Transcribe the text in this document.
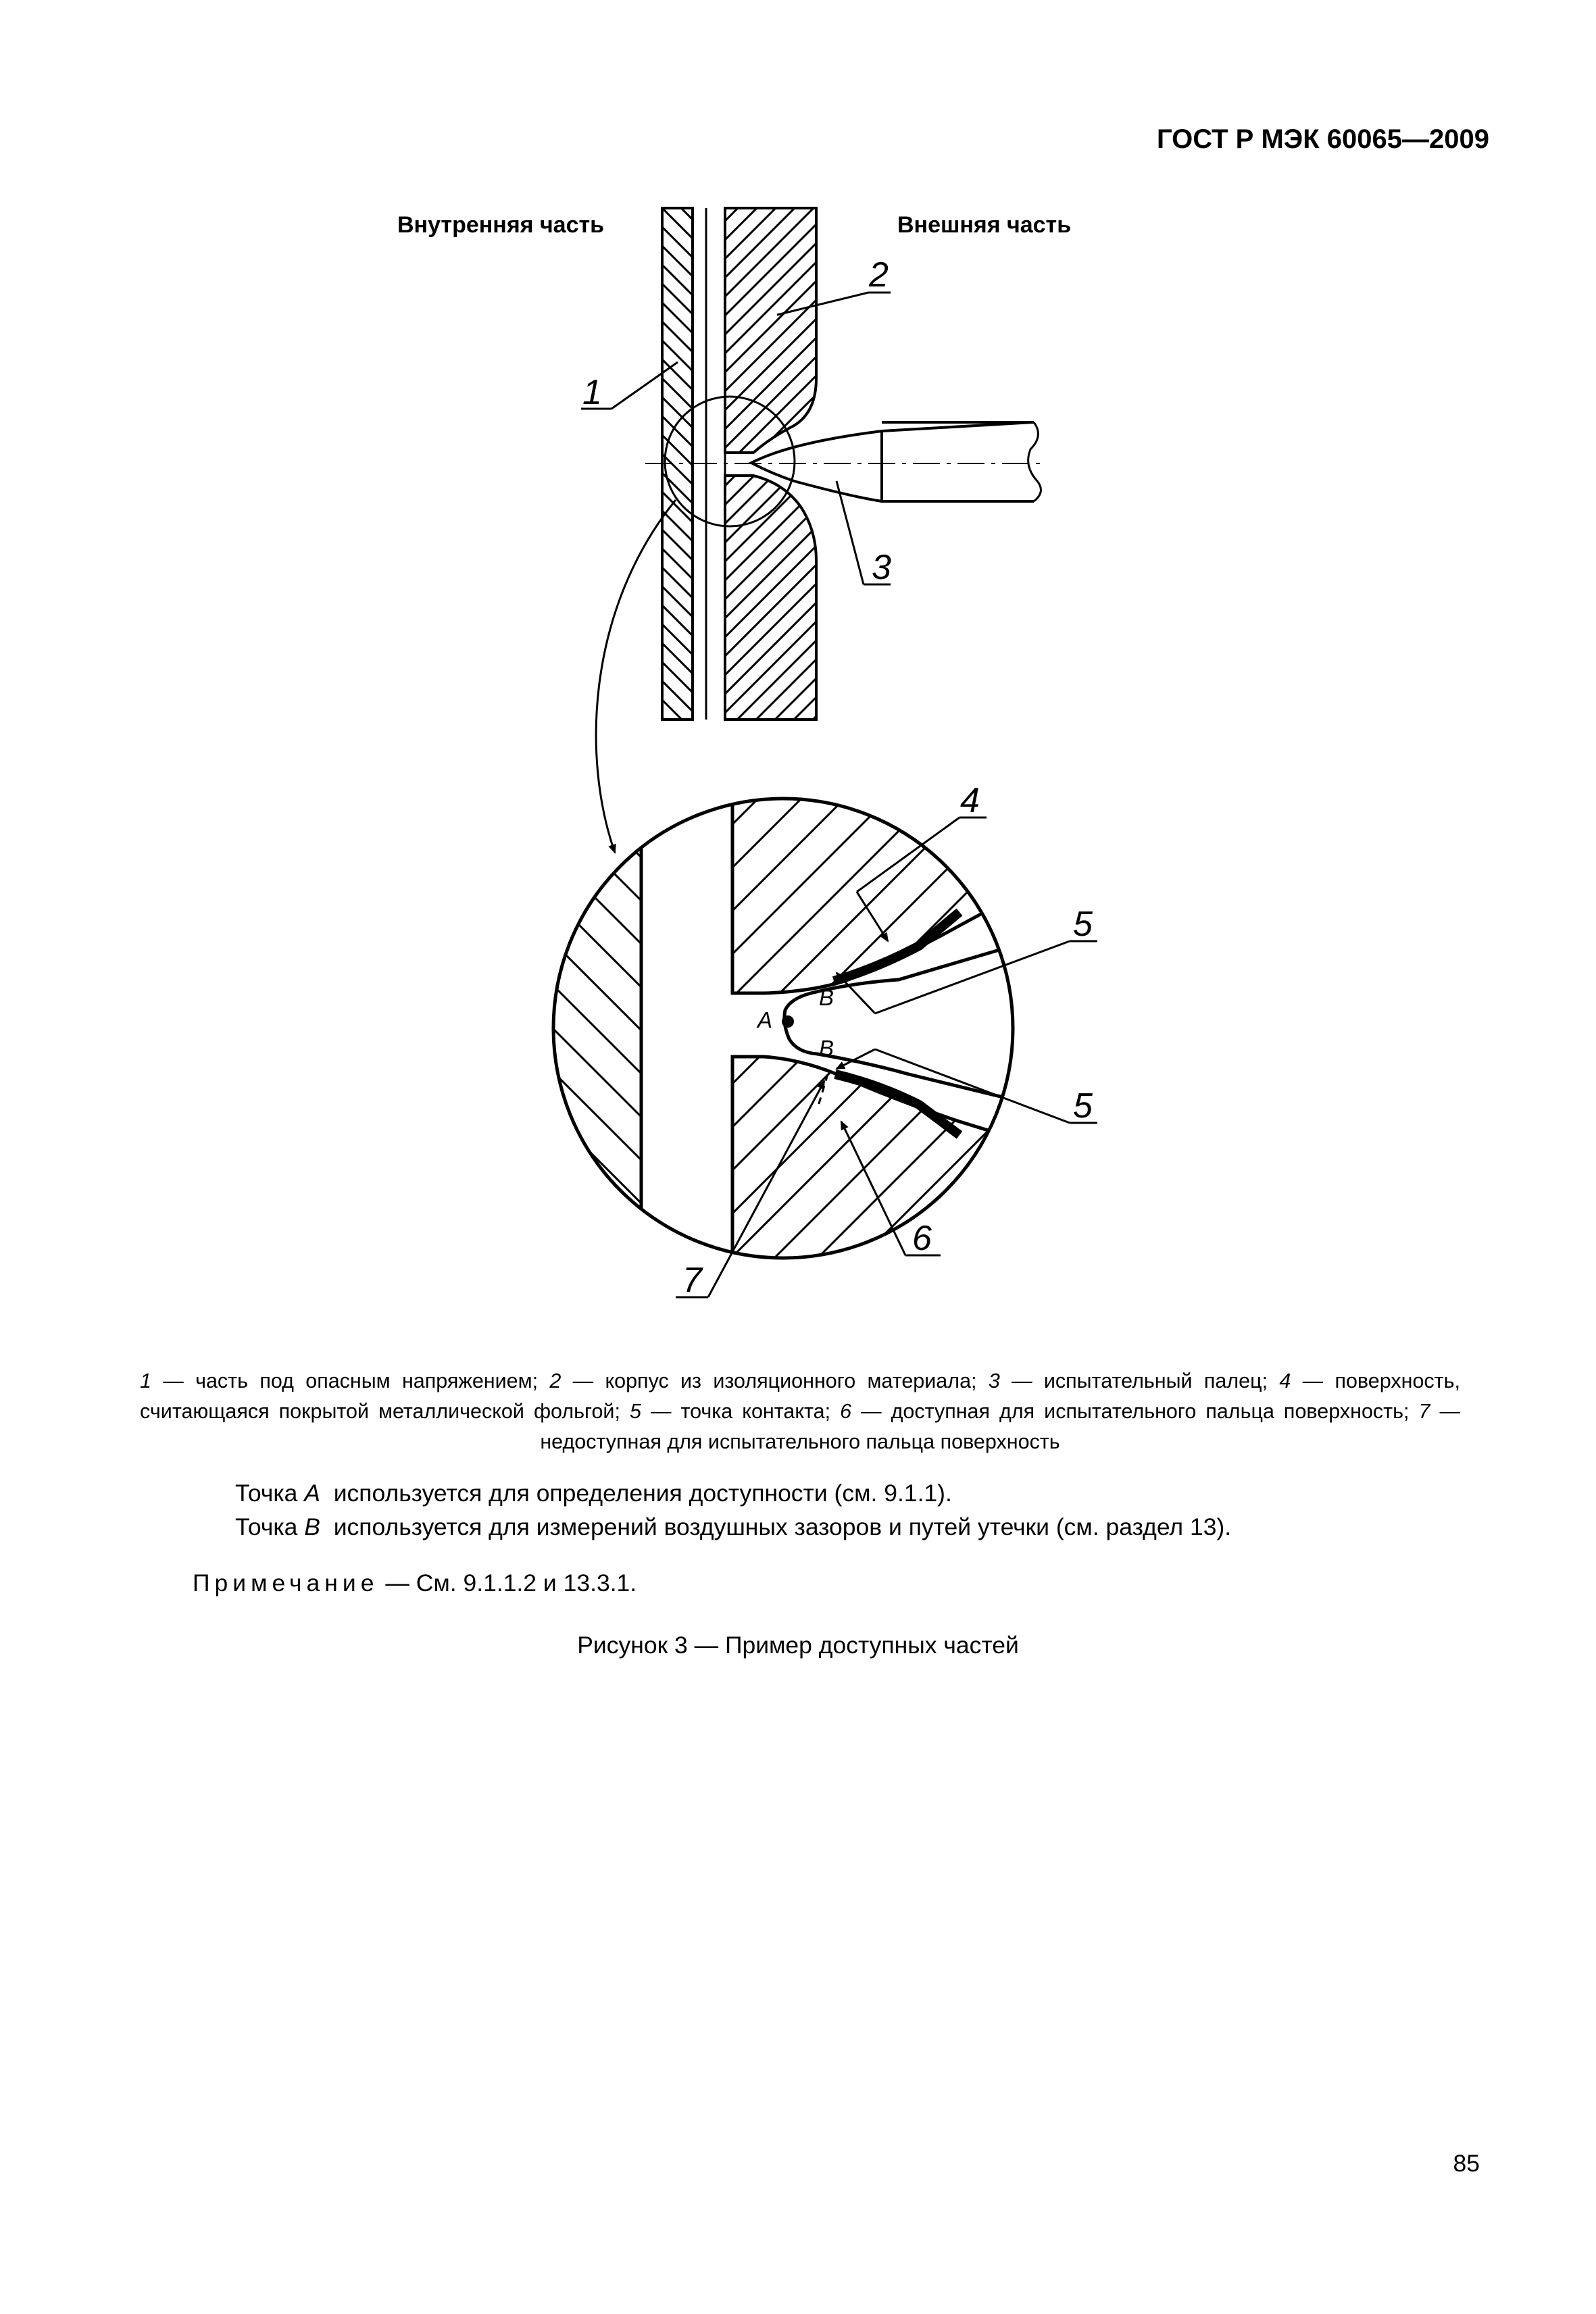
ГОСТ Р МЭК 60065—2009
Внутренняя часть	Внешняя часть
1
2
3
A
B
B
4
5
5
6
7
1 — часть под опасным напряжением; 2 — корпус из изоляционного материала; 3 — испытательный палец; 4 — поверхность, считающаяся покрытой металлической фольгой; 5 — точка контакта; 6 — доступная для испытательного пальца поверхность; 7 — недоступная для испытательного пальца поверхность
Точка A  используется для определения доступности (см. 9.1.1).
Точка B  используется для измерений воздушных зазоров и путей утечки (см. раздел 13).
Примечание — См. 9.1.1.2 и 13.3.1.
Рисунок 3 — Пример доступных частей
85
